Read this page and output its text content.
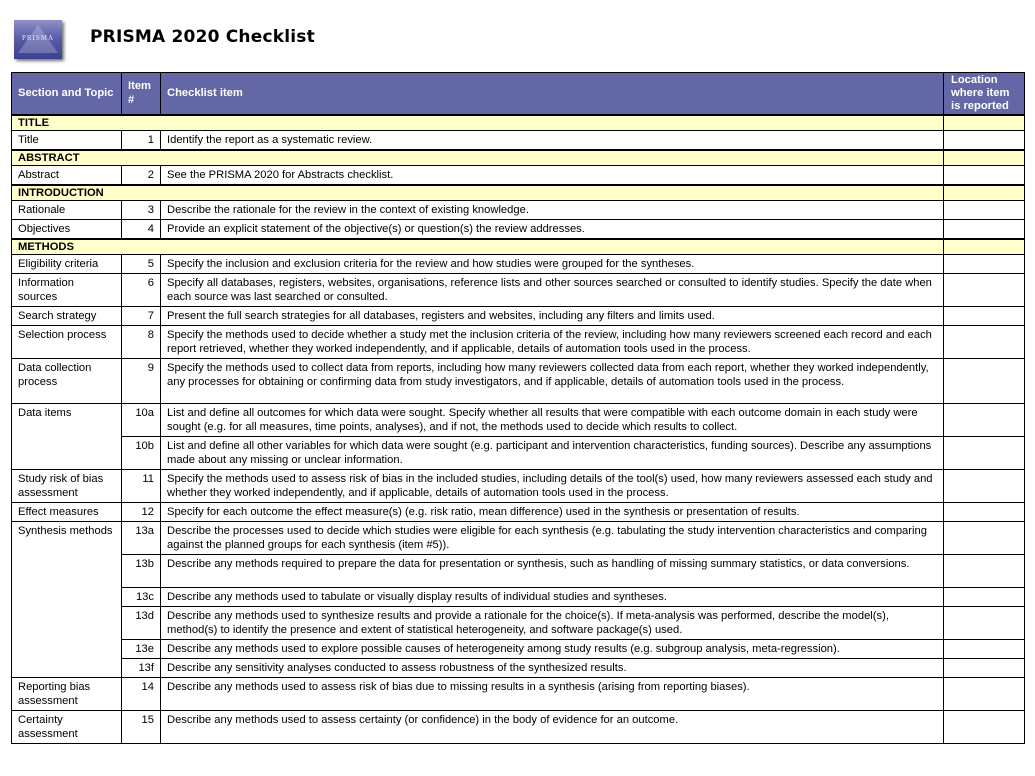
PRISMA	PRISMA 2020 Checklist
Section and Topic	Item #	Checklist item	Location where item is reported
TITLE			
Title	1	Identify the report as a systematic review.	
ABSTRACT			
Abstract	2	See the PRISMA 2020 for Abstracts checklist.	
INTRODUCTION			
Rationale	3	Describe the rationale for the review in the context of existing knowledge.	
Objectives	4	Provide an explicit statement of the objective(s) or question(s) the review addresses.	
METHODS			
Eligibility criteria	5	Specify the inclusion and exclusion criteria for the review and how studies were grouped for the syntheses.	
Information sources	6	Specify all databases, registers, websites, organisations, reference lists and other sources searched or consulted to identify studies. Specify the date when each source was last searched or consulted.	
Search strategy	7	Present the full search strategies for all databases, registers and websites, including any filters and limits used.	
Selection process	8	Specify the methods used to decide whether a study met the inclusion criteria of the review, including how many reviewers screened each record and each report retrieved, whether they worked independently, and if applicable, details of automation tools used in the process.	
Data collection process	9	Specify the methods used to collect data from reports, including how many reviewers collected data from each report, whether they worked independently, any processes for obtaining or confirming data from study investigators, and if applicable, details of automation tools used in the process.	
Data items	10a	List and define all outcomes for which data were sought. Specify whether all results that were compatible with each outcome domain in each study were sought (e.g. for all measures, time points, analyses), and if not, the methods used to decide which results to collect.	
	10b	List and define all other variables for which data were sought (e.g. participant and intervention characteristics, funding sources). Describe any assumptions made about any missing or unclear information.	
Study risk of bias assessment	11	Specify the methods used to assess risk of bias in the included studies, including details of the tool(s) used, how many reviewers assessed each study and whether they worked independently, and if applicable, details of automation tools used in the process.	
Effect measures	12	Specify for each outcome the effect measure(s) (e.g. risk ratio, mean difference) used in the synthesis or presentation of results.	
Synthesis methods	13a	Describe the processes used to decide which studies were eligible for each synthesis (e.g. tabulating the study intervention characteristics and comparing against the planned groups for each synthesis (item #5)).	
	13b	Describe any methods required to prepare the data for presentation or synthesis, such as handling of missing summary statistics, or data conversions.	
	13c	Describe any methods used to tabulate or visually display results of individual studies and syntheses.	
	13d	Describe any methods used to synthesize results and provide a rationale for the choice(s). If meta-analysis was performed, describe the model(s), method(s) to identify the presence and extent of statistical heterogeneity, and software package(s) used.	
	13e	Describe any methods used to explore possible causes of heterogeneity among study results (e.g. subgroup analysis, meta-regression).	
	13f	Describe any sensitivity analyses conducted to assess robustness of the synthesized results.	
Reporting bias assessment	14	Describe any methods used to assess risk of bias due to missing results in a synthesis (arising from reporting biases).	
Certainty assessment	15	Describe any methods used to assess certainty (or confidence) in the body of evidence for an outcome.	
